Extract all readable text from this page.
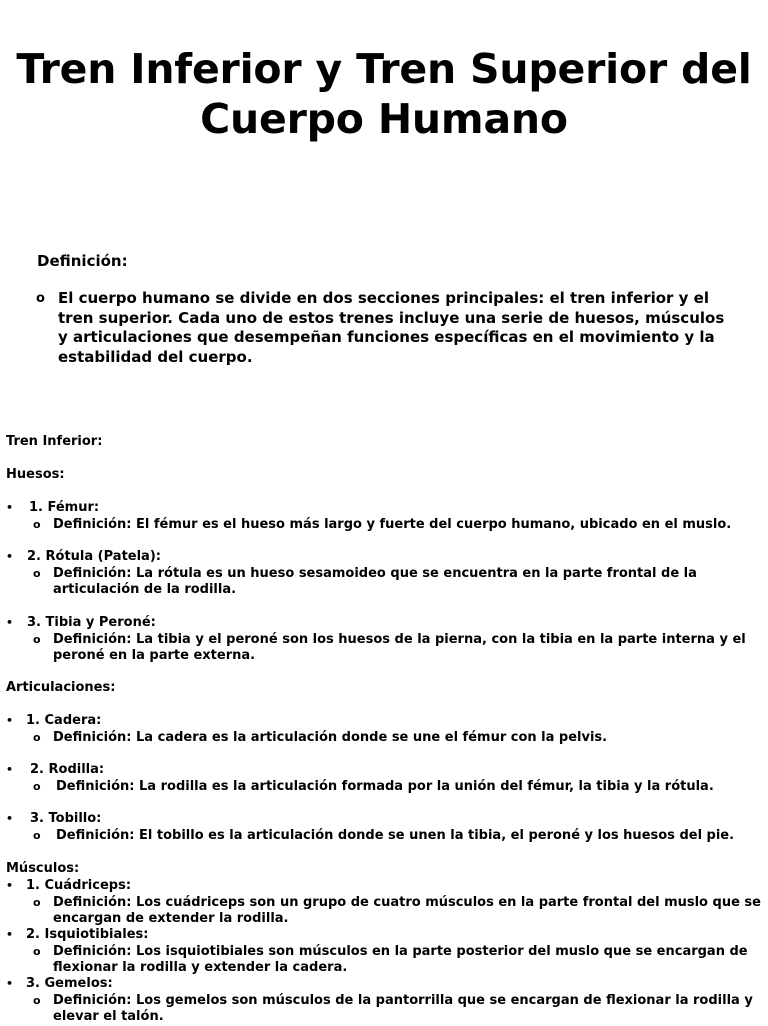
Tren Inferior y Tren Superior del Cuerpo Humano
Definición:
o El cuerpo humano se divide en dos secciones principales: el tren inferior y el tren superior. Cada uno de estos trenes incluye una serie de huesos, músculos y articulaciones que desempeñan funciones específicas en el movimiento y la estabilidad del cuerpo.
Tren Inferior:
Huesos:
• 1. Fémur:
o Definición: El fémur es el hueso más largo y fuerte del cuerpo humano, ubicado en el muslo.
• 2. Rótula (Patela):
o Definición: La rótula es un hueso sesamoideo que se encuentra en la parte frontal de la articulación de la rodilla.
• 3. Tibia y Peroné:
o Definición: La tibia y el peroné son los huesos de la pierna, con la tibia en la parte interna y el peroné en la parte externa.
Articulaciones:
• 1. Cadera:
o Definición: La cadera es la articulación donde se une el fémur con la pelvis.
• 2. Rodilla:
o Definición: La rodilla es la articulación formada por la unión del fémur, la tibia y la rótula.
• 3. Tobillo:
o Definición: El tobillo es la articulación donde se unen la tibia, el peroné y los huesos del pie.
Músculos:
• 1. Cuádriceps:
o Definición: Los cuádriceps son un grupo de cuatro músculos en la parte frontal del muslo que se encargan de extender la rodilla.
• 2. Isquiotibiales:
o Definición: Los isquiotibiales son músculos en la parte posterior del muslo que se encargan de flexionar la rodilla y extender la cadera.
• 3. Gemelos:
o Definición: Los gemelos son músculos de la pantorrilla que se encargan de flexionar la rodilla y elevar el talón.
